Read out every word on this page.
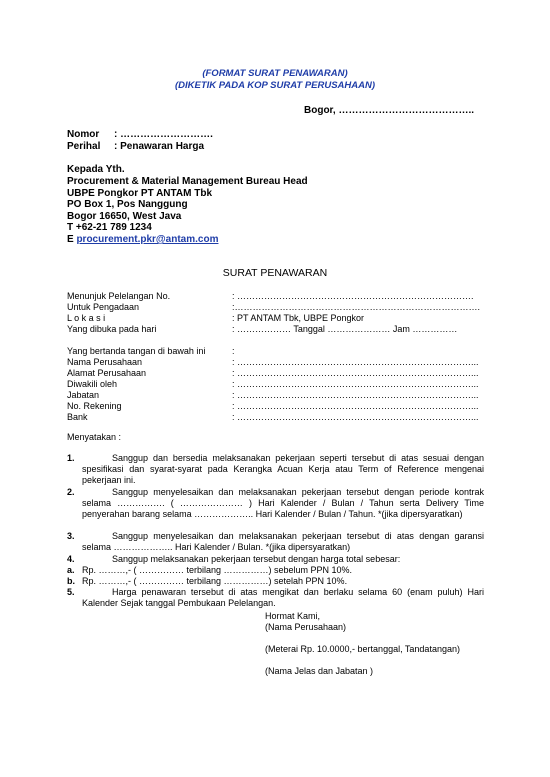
(FORMAT SURAT PENAWARAN)
(DIKETIK PADA KOP SURAT PERUSAHAAN)
Bogor, …………………………………..
Nomor : ……………………….
Perihal : Penawaran Harga
Kepada Yth.
Procurement & Material Management Bureau Head
UBPE Pongkor PT ANTAM Tbk
PO Box 1, Pos Nanggung
Bogor 16650, West Java
T +62-21 789 1234
E procurement.pkr@antam.com
SURAT PENAWARAN
Menunjuk Pelelangan No.	: …………………………………………………………………….
Untuk Pengadaan	:……………………………………………………………………….
L o k a s i	: PT ANTAM Tbk, UBPE Pongkor
Yang dibuka pada hari	: ……………… Tanggal ………………… Jam ……………
Yang bertanda tangan di bawah ini	:
Nama Perusahaan	: ……………………………………………………………………...
Alamat Perusahaan	: ……………………………………………………………………...
Diwakili oleh	: ……………………………………………………………………...
Jabatan	: ……………………………………………………………………...
No. Rekening	: ……………………………………………………………………...
Bank	: ……………………………………………………………………...
Menyatakan :
1.	Sanggup dan bersedia melaksanakan pekerjaan seperti tersebut di atas sesuai dengan spesifikasi dan syarat-syarat pada Kerangka Acuan Kerja atau Term of Reference mengenai pekerjaan ini.
2.	Sanggup menyelesaikan dan melaksanakan pekerjaan tersebut dengan periode kontrak selama ……………. ( ………………… ) Hari Kalender / Bulan / Tahun serta Delivery Time penyerahan barang selama ……………….. Hari Kalender / Bulan / Tahun. *(jika dipersyaratkan)
3.	Sanggup menyelesaikan dan melaksanakan pekerjaan tersebut di atas dengan garansi selama ……………….. Hari Kalender / Bulan. *(jika dipersyaratkan)
4.	Sanggup melaksanakan pekerjaan tersebut dengan harga total sebesar:
a. Rp. ………,- ( …………… terbilang ……………) sebelum PPN 10%.
b. Rp. ………,- ( …………… terbilang ……………) setelah PPN 10%.
5.	Harga penawaran tersebut di atas mengikat dan berlaku selama 60 (enam puluh) Hari Kalender Sejak tanggal Pembukaan Pelelangan.
Hormat Kami,
(Nama Perusahaan)
(Meterai Rp. 10.0000,- bertanggal, Tandatangan)
(Nama Jelas dan Jabatan )
